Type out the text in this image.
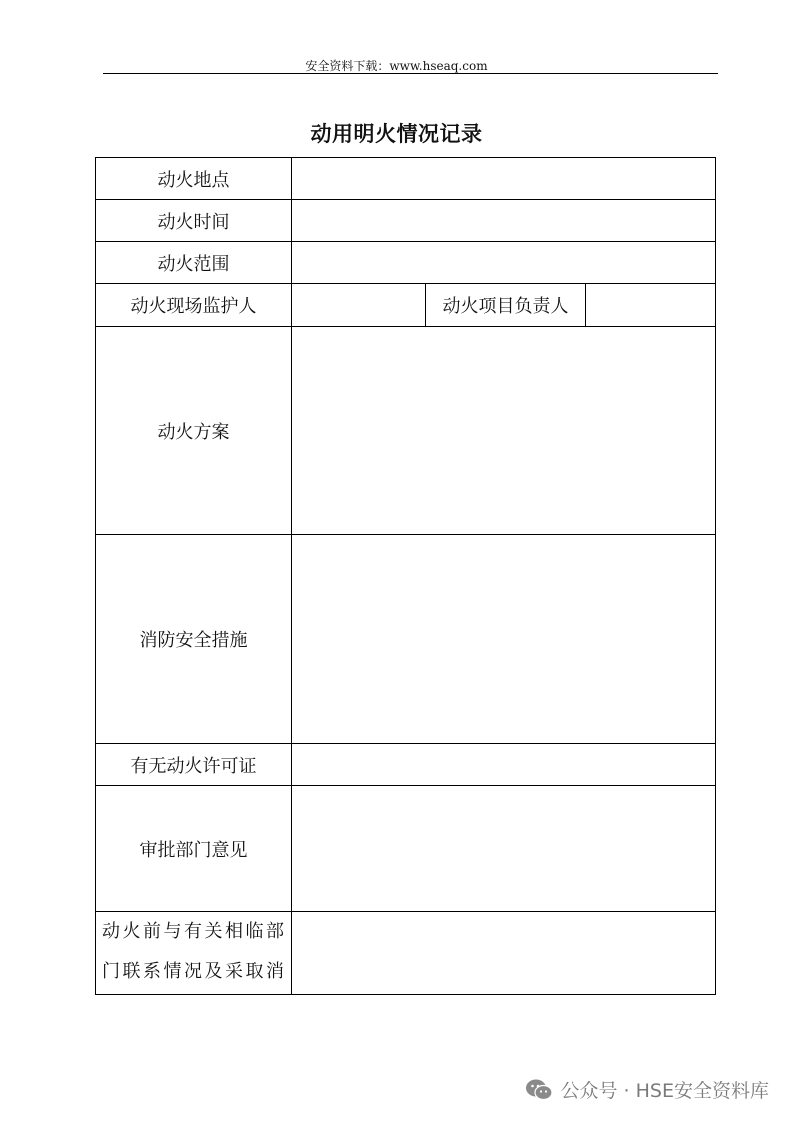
安全资料下载：www.hseaq.com
动用明火情况记录
动火地点			
动火时间			
动火范围			
动火现场监护人		动火项目负责人	
动火方案			
消防安全措施			
有无动火许可证			
审批部门意见			

动火前与有关相临部
门联系情况及采取消			

公众号 · HSE安全资料库
